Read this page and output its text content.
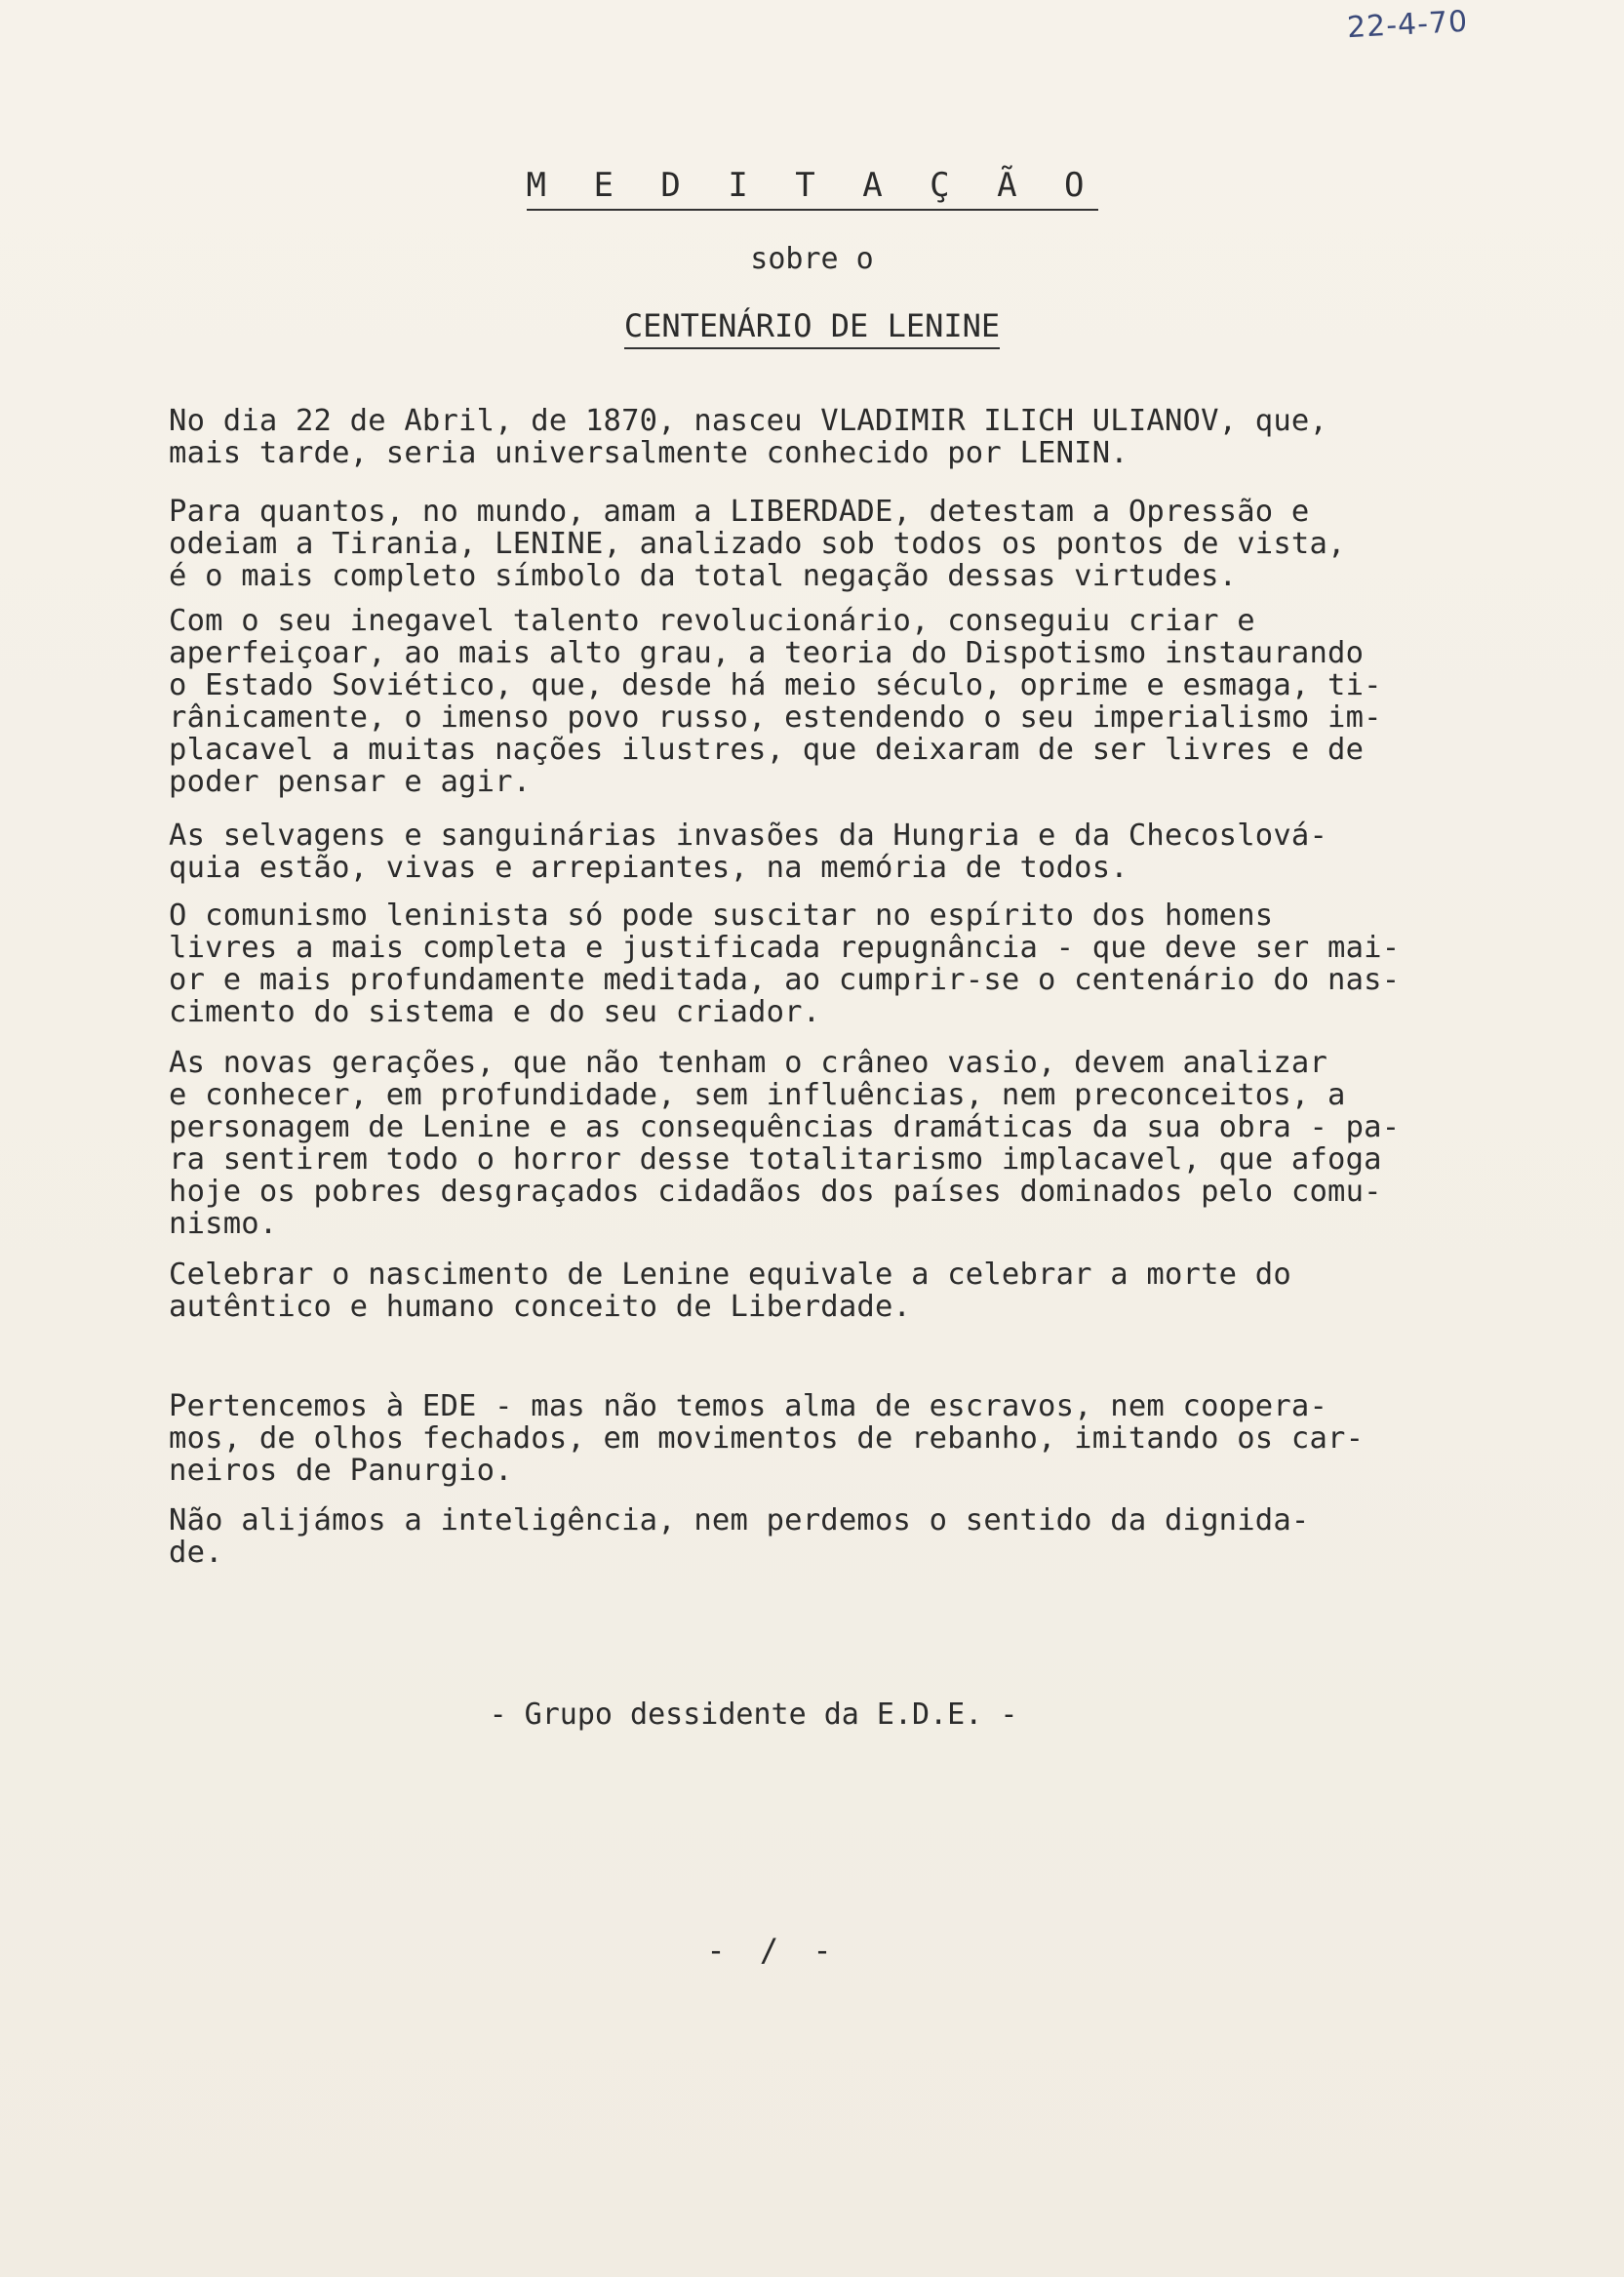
22-4-70
M E D I T A Ç Ã O
sobre o
CENTENÁRIO DE LENINE
No dia 22 de Abril, de 1870, nasceu VLADIMIR ILICH ULIANOV, que,
mais tarde, seria universalmente conhecido por LENIN.
Para quantos, no mundo, amam a LIBERDADE, detestam a Opressão e
odeiam a Tirania, LENINE, analizado sob todos os pontos de vista,
é o mais completo símbolo da total negação dessas virtudes.
Com o seu inegavel talento revolucionário, conseguiu criar e
aperfeiçoar, ao mais alto grau, a teoria do Dispotismo instaurando
o Estado Soviético, que, desde há meio século, oprime e esmaga, ti-
rânicamente, o imenso povo russo, estendendo o seu imperialismo im-
placavel a muitas nações ilustres, que deixaram de ser livres e de
poder pensar e agir.
As selvagens e sanguinárias invasões da Hungria e da Checoslová-
quia estão, vivas e arrepiantes, na memória de todos.
O comunismo leninista só pode suscitar no espírito dos homens
livres a mais completa e justificada repugnância - que deve ser mai-
or e mais profundamente meditada, ao cumprir-se o centenário do nas-
cimento do sistema e do seu criador.
As novas gerações, que não tenham o crâneo vasio, devem analizar
e conhecer, em profundidade, sem influências, nem preconceitos, a
personagem de Lenine e as consequências dramáticas da sua obra - pa-
ra sentirem todo o horror desse totalitarismo implacavel, que afoga
hoje os pobres desgraçados cidadãos dos países dominados pelo comu-
nismo.
Celebrar o nascimento de Lenine equivale a celebrar a morte do
autêntico e humano conceito de Liberdade.
Pertencemos à EDE - mas não temos alma de escravos, nem coopera-
mos, de olhos fechados, em movimentos de rebanho, imitando os car-
neiros de Panurgio.
Não alijámos a inteligência, nem perdemos o sentido da dignida-
de.
- Grupo dessidente da E.D.E. -
- / -
